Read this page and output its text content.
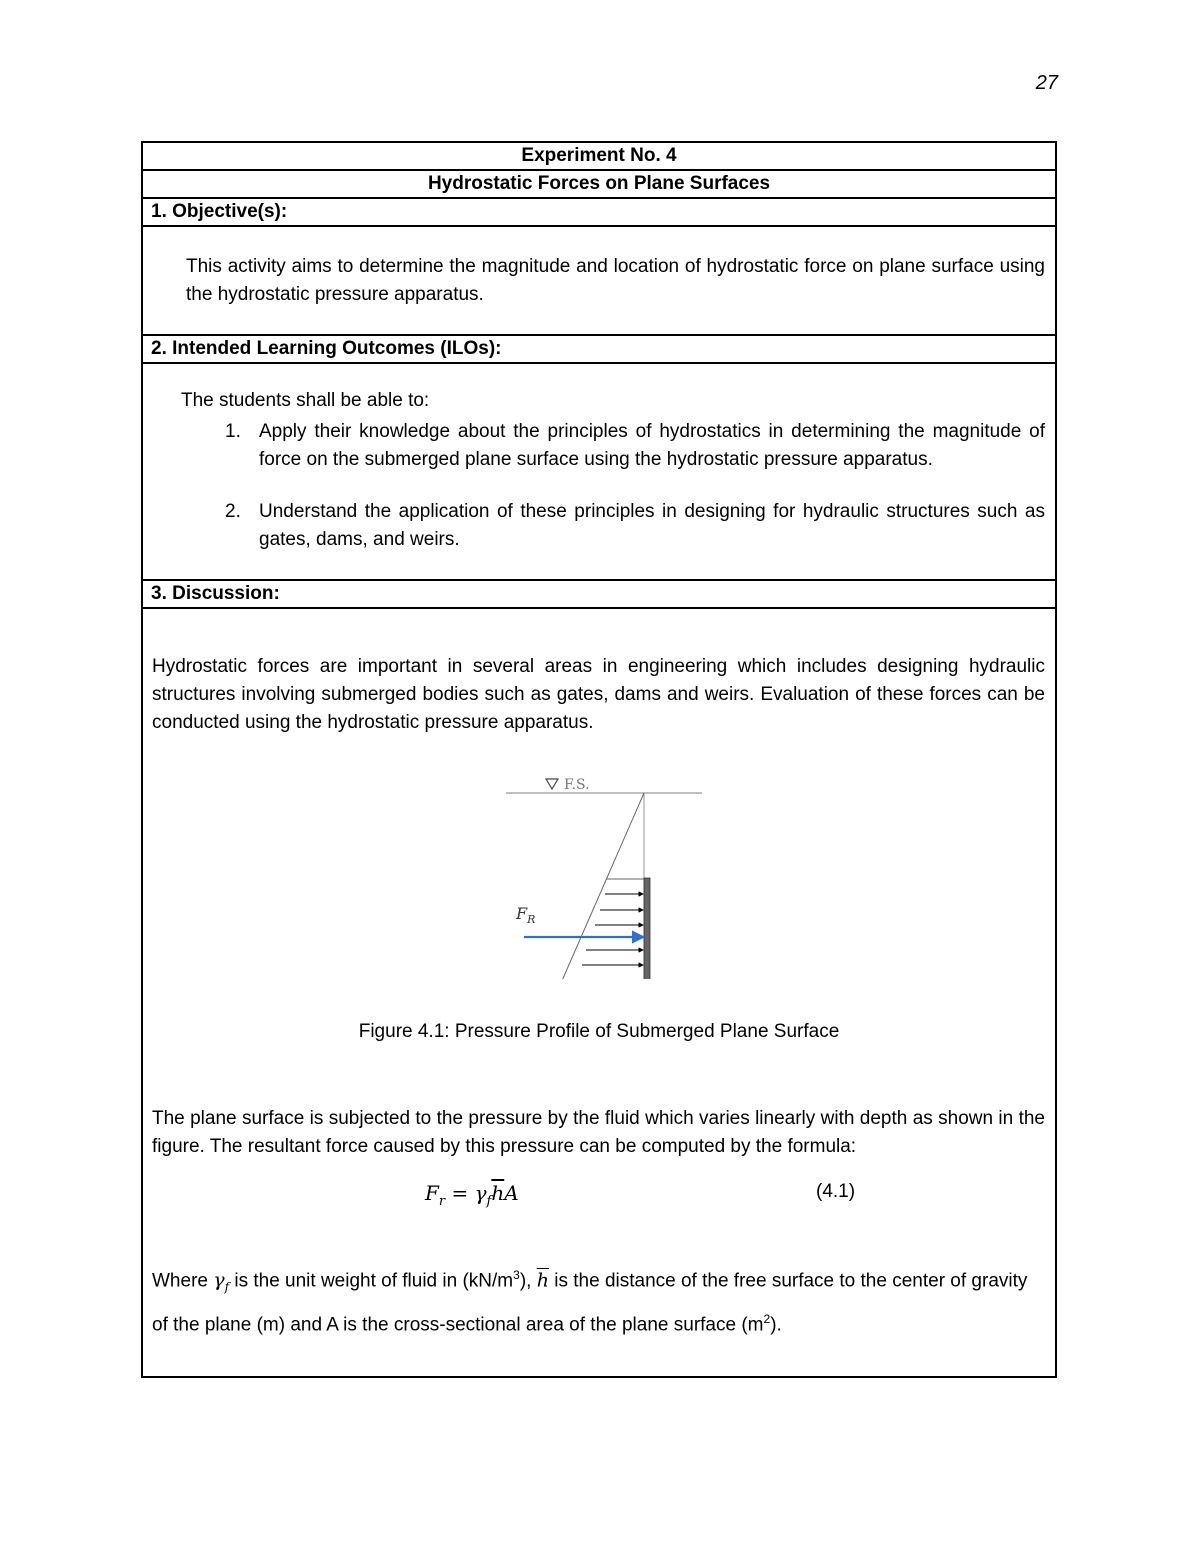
27
Experiment No. 4
Hydrostatic Forces on Plane Surfaces
1. Objective(s):
This activity aims to determine the magnitude and location of hydrostatic force on plane surface using the hydrostatic pressure apparatus.
2. Intended Learning Outcomes (ILOs):
The students shall be able to:
1. Apply their knowledge about the principles of hydrostatics in determining the magnitude of force on the submerged plane surface using the hydrostatic pressure apparatus.
2. Understand the application of these principles in designing for hydraulic structures such as gates, dams, and weirs.
3. Discussion:
Hydrostatic forces are important in several areas in engineering which includes designing hydraulic structures involving submerged bodies such as gates, dams and weirs. Evaluation of these forces can be conducted using the hydrostatic pressure apparatus.
F.S.
$F_R$
Figure 4.1: Pressure Profile of Submerged Plane Surface
The plane surface is subjected to the pressure by the fluid which varies linearly with depth as shown in the figure. The resultant force caused by this pressure can be computed by the formula:
$F_r = \gamma_f\overline{h}A$	(4.1)
Where $\gamma_f$ is the unit weight of fluid in $(kN/m^3)$, $\overline{h}$ is the distance of the free surface to the center of gravity of the plane (m) and A is the cross-sectional area of the plane surface $(m^2)$.
